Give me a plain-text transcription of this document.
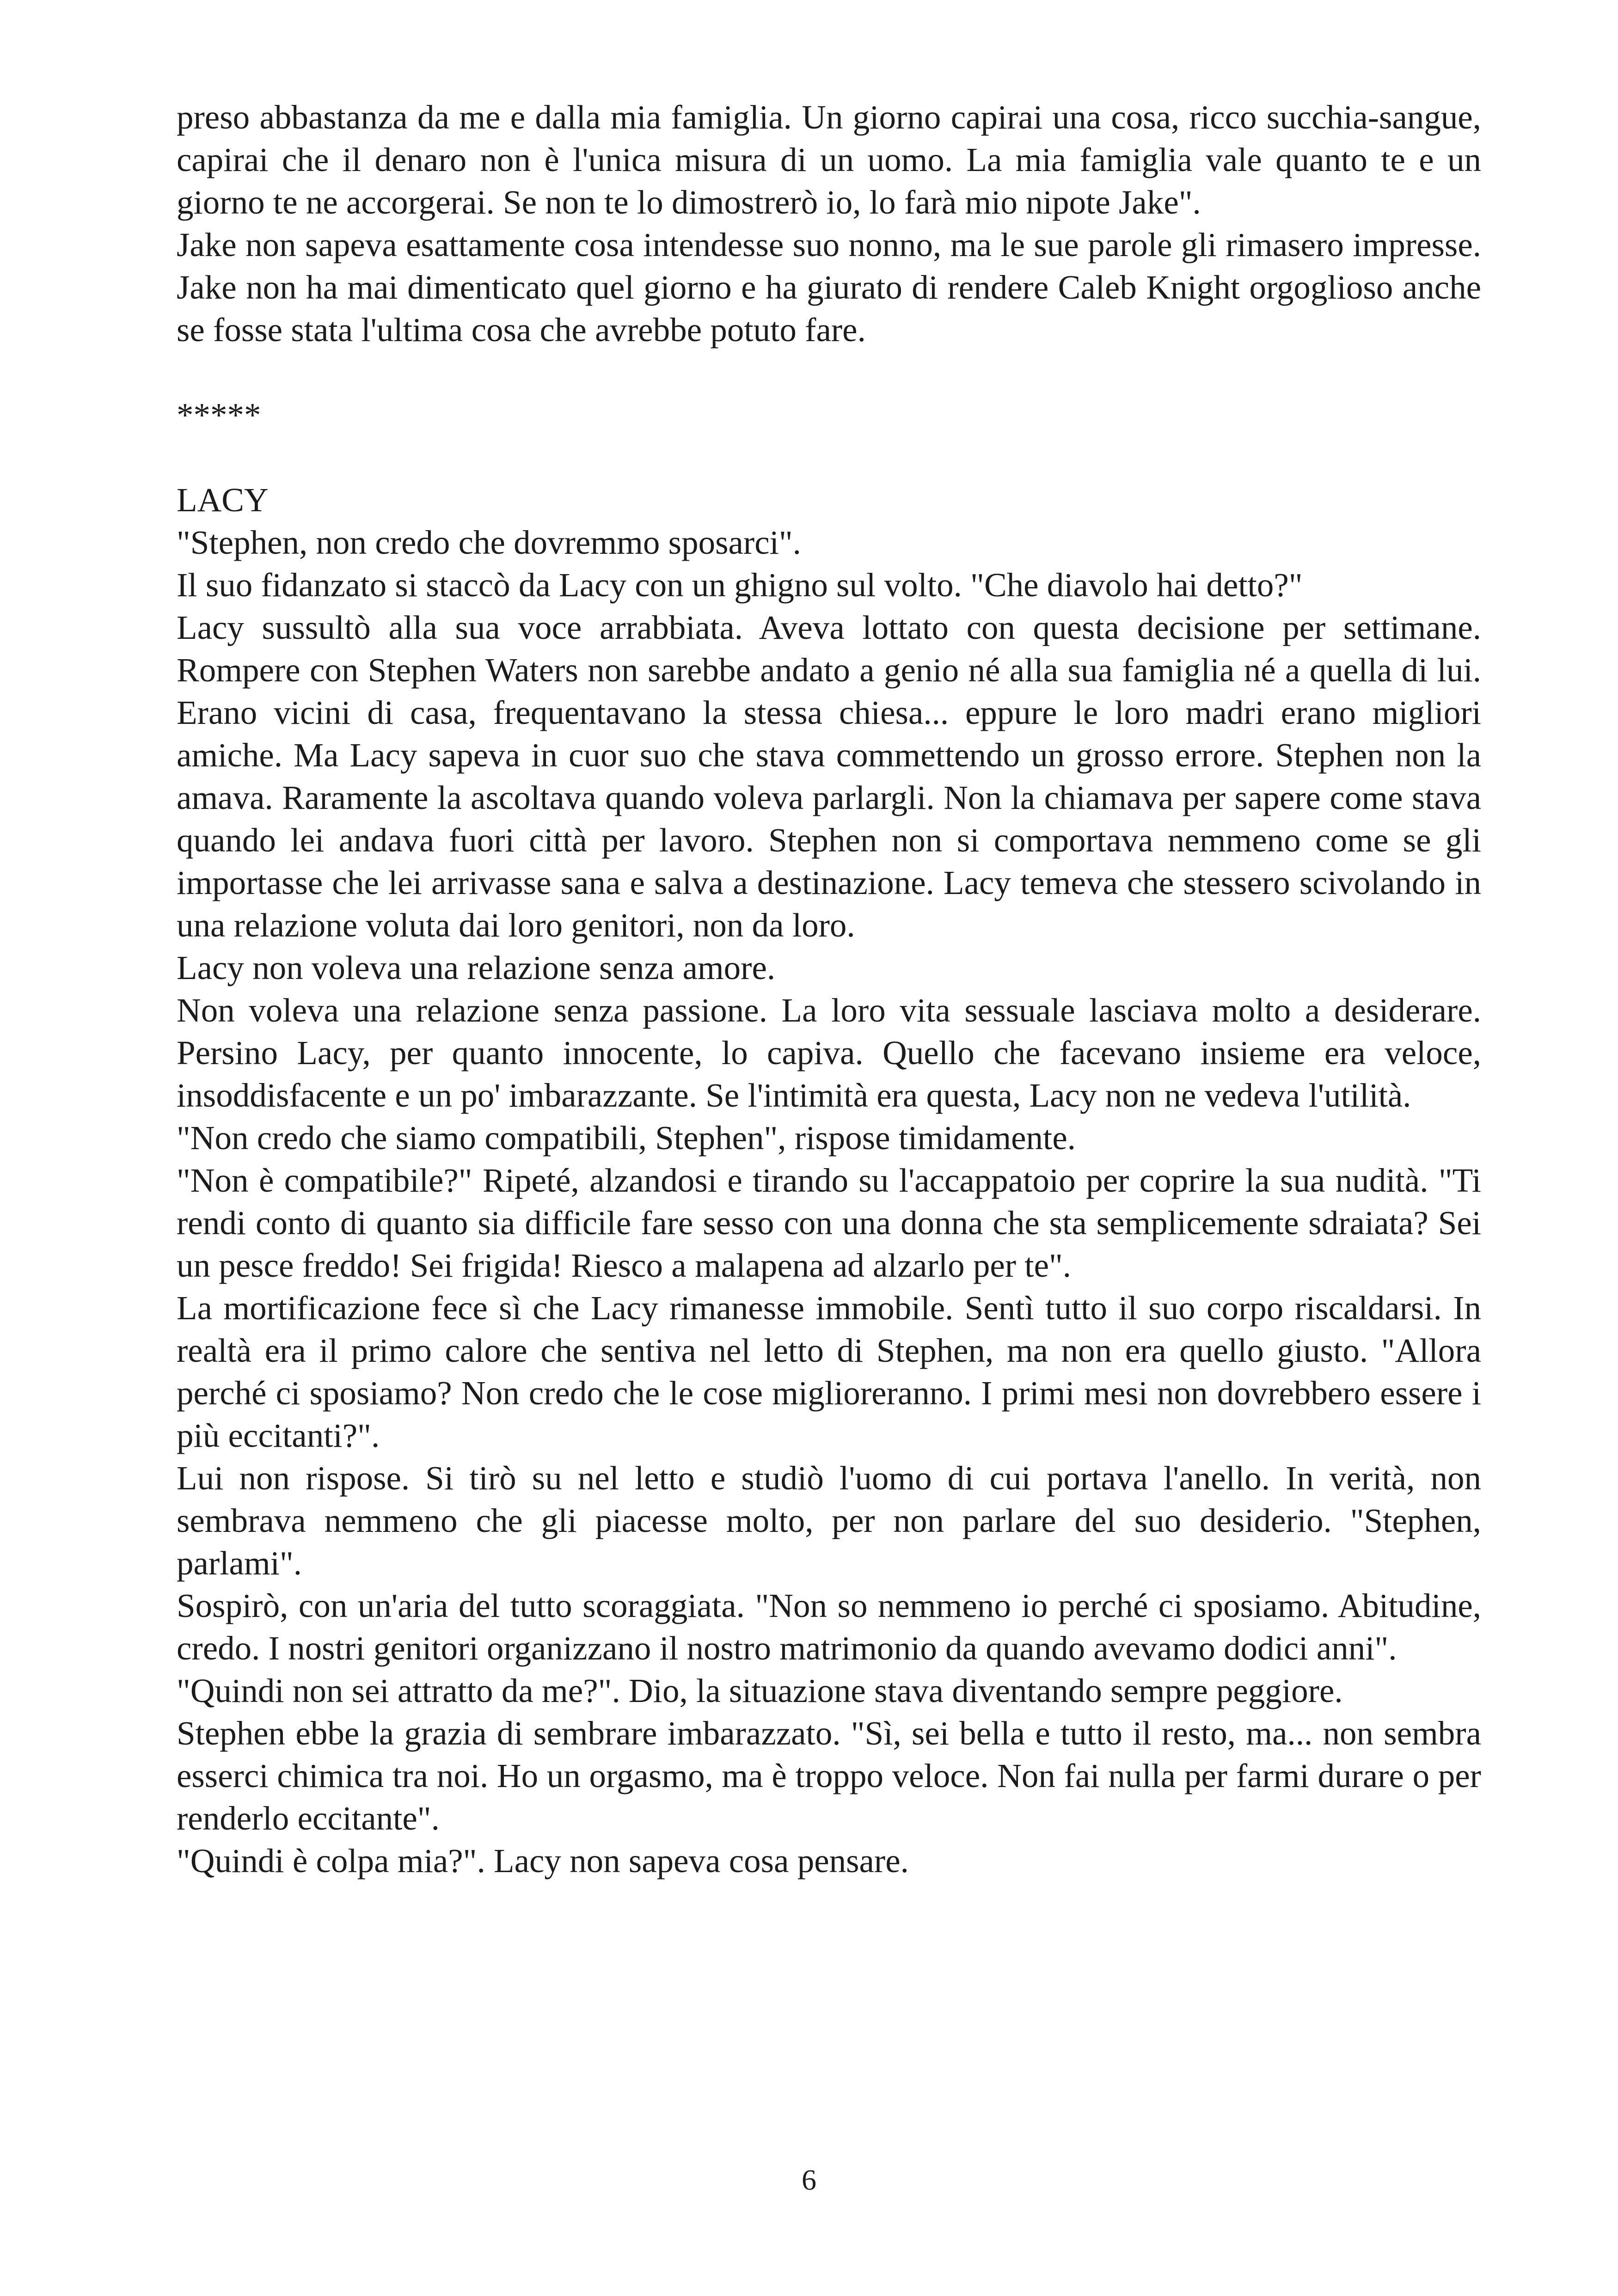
preso abbastanza da me e dalla mia famiglia. Un giorno capirai una cosa, ricco succhia-sangue, capirai che il denaro non è l'unica misura di un uomo. La mia famiglia vale quanto te e un giorno te ne accorgerai. Se non te lo dimostrerò io, lo farà mio nipote Jake".

Jake non sapeva esattamente cosa intendesse suo nonno, ma le sue parole gli rimasero impresse. Jake non ha mai dimenticato quel giorno e ha giurato di rendere Caleb Knight orgoglioso anche se fosse stata l'ultima cosa che avrebbe potuto fare.

*****

LACY

"Stephen, non credo che dovremmo sposarci".

Il suo fidanzato si staccò da Lacy con un ghigno sul volto. "Che diavolo hai detto?"

Lacy sussultò alla sua voce arrabbiata. Aveva lottato con questa decisione per settimane. Rompere con Stephen Waters non sarebbe andato a genio né alla sua famiglia né a quella di lui. Erano vicini di casa, frequentavano la stessa chiesa... eppure le loro madri erano migliori amiche. Ma Lacy sapeva in cuor suo che stava commettendo un grosso errore. Stephen non la amava. Raramente la ascoltava quando voleva parlargli. Non la chiamava per sapere come stava quando lei andava fuori città per lavoro. Stephen non si comportava nemmeno come se gli importasse che lei arrivasse sana e salva a destinazione. Lacy temeva che stessero scivolando in una relazione voluta dai loro genitori, non da loro.

Lacy non voleva una relazione senza amore.

Non voleva una relazione senza passione. La loro vita sessuale lasciava molto a desiderare. Persino Lacy, per quanto innocente, lo capiva. Quello che facevano insieme era veloce, insoddisfacente e un po' imbarazzante. Se l'intimità era questa, Lacy non ne vedeva l'utilità.

"Non credo che siamo compatibili, Stephen", rispose timidamente.

"Non è compatibile?" Ripeté, alzandosi e tirando su l'accappatoio per coprire la sua nudità. "Ti rendi conto di quanto sia difficile fare sesso con una donna che sta semplicemente sdraiata? Sei un pesce freddo! Sei frigida! Riesco a malapena ad alzarlo per te".

La mortificazione fece sì che Lacy rimanesse immobile. Sentì tutto il suo corpo riscaldarsi. In realtà era il primo calore che sentiva nel letto di Stephen, ma non era quello giusto. "Allora perché ci sposiamo? Non credo che le cose miglioreranno. I primi mesi non dovrebbero essere i più eccitanti?".

Lui non rispose. Si tirò su nel letto e studiò l'uomo di cui portava l'anello. In verità, non sembrava nemmeno che gli piacesse molto, per non parlare del suo desiderio. "Stephen, parlami".

Sospirò, con un'aria del tutto scoraggiata. "Non so nemmeno io perché ci sposiamo. Abitudine, credo. I nostri genitori organizzano il nostro matrimonio da quando avevamo dodici anni".

"Quindi non sei attratto da me?". Dio, la situazione stava diventando sempre peggiore.

Stephen ebbe la grazia di sembrare imbarazzato. "Sì, sei bella e tutto il resto, ma... non sembra esserci chimica tra noi. Ho un orgasmo, ma è troppo veloce. Non fai nulla per farmi durare o per renderlo eccitante".

"Quindi è colpa mia?". Lacy non sapeva cosa pensare.

6
